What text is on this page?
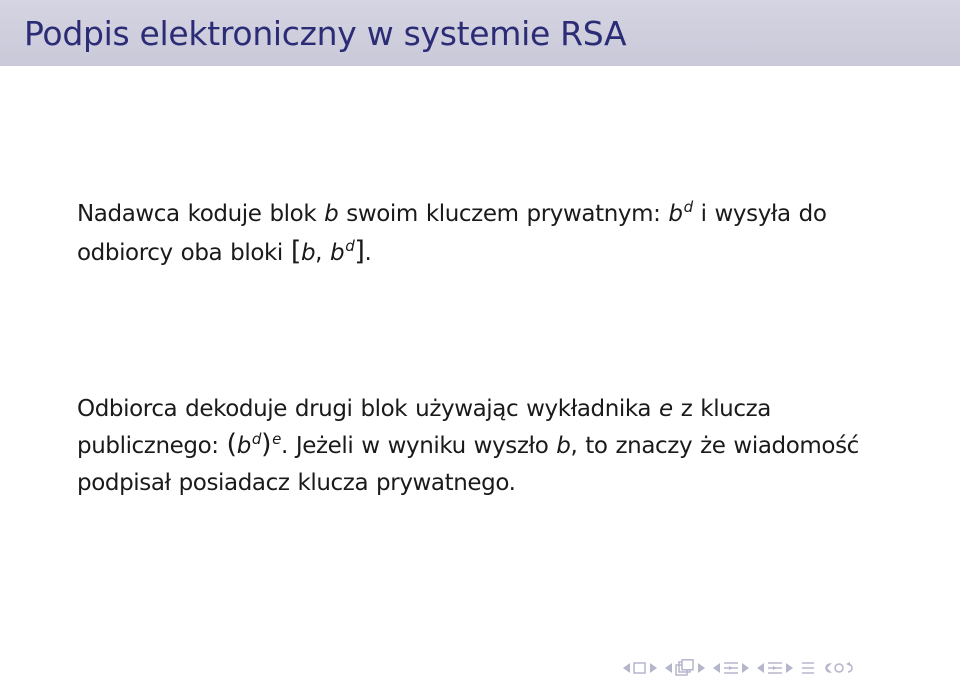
Podpis elektroniczny w systemie RSA
Nadawca koduje blok b swoim kluczem prywatnym: $b^d$ i wysyła do odbiorcy oba bloki [b, $b^d$].
Odbiorca dekoduje drugi blok używając wykładnika e z klucza publicznego: $(b^d)^e$. Jeżeli w wyniku wyszło b, to znaczy że wiadomość podpisał posiadacz klucza prywatnego.
